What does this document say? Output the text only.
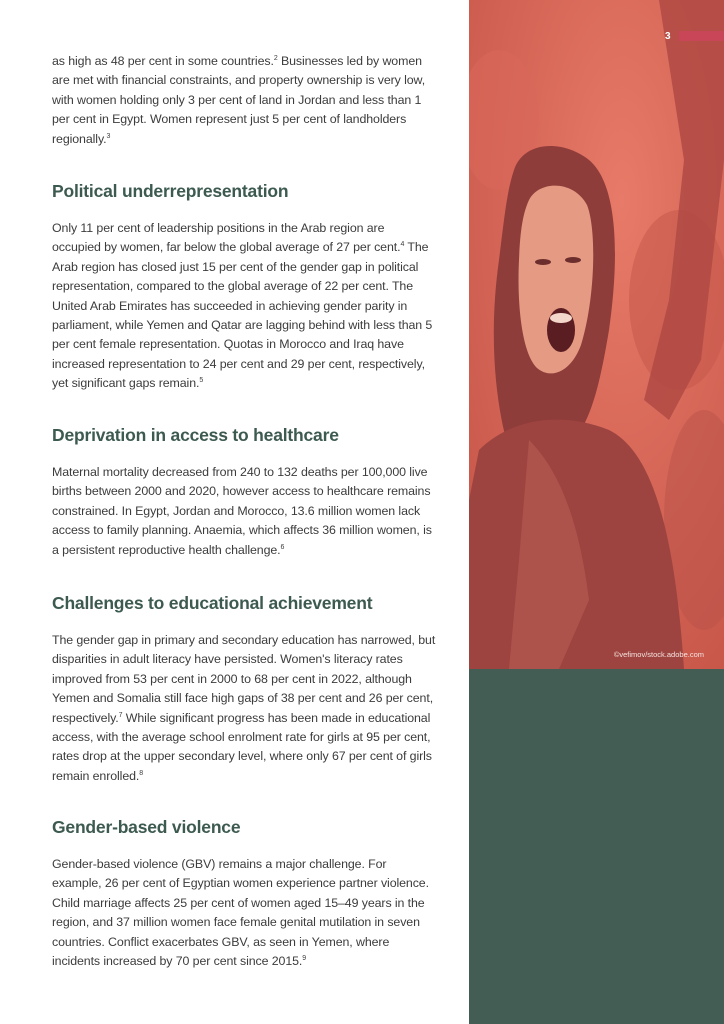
as high as 48 per cent in some countries.$^2$ Businesses led by women are met with financial constraints, and property ownership is very low, with women holding only 3 per cent of land in Jordan and less than 1 per cent in Egypt. Women represent just 5 per cent of landholders regionally.$^3$

Political underrepresentation

Only 11 per cent of leadership positions in the Arab region are occupied by women, far below the global average of 27 per cent.$^4$ The Arab region has closed just 15 per cent of the gender gap in political representation, compared to the global average of 22 per cent. The United Arab Emirates has succeeded in achieving gender parity in parliament, while Yemen and Qatar are lagging behind with less than 5 per cent female representation. Quotas in Morocco and Iraq have increased representation to 24 per cent and 29 per cent, respectively, yet significant gaps remain.$^5$

Deprivation in access to healthcare

Maternal mortality decreased from 240 to 132 deaths per 100,000 live births between 2000 and 2020, however access to healthcare remains constrained. In Egypt, Jordan and Morocco, 13.6 million women lack access to family planning. Anaemia, which affects 36 million women, is a persistent reproductive health challenge.$^6$

Challenges to educational achievement

The gender gap in primary and secondary education has narrowed, but disparities in adult literacy have persisted. Women's literacy rates improved from 53 per cent in 2000 to 68 per cent in 2022, although Yemen and Somalia still face high gaps of 38 per cent and 26 per cent, respectively.$^7$ While significant progress has been made in educational access, with the average school enrolment rate for girls at 95 per cent, rates drop at the upper secondary level, where only 67 per cent of girls remain enrolled.$^8$

Gender-based violence

Gender-based violence (GBV) remains a major challenge. For example, 26 per cent of Egyptian women experience partner violence. Child marriage affects 25 per cent of women aged 15–49 years in the region, and 37 million women face female genital mutilation in seven countries. Conflict exacerbates GBV, as seen in Yemen, where incidents increased by 70 per cent since 2015.$^9$

3
©vefimov/stock.adobe.com
